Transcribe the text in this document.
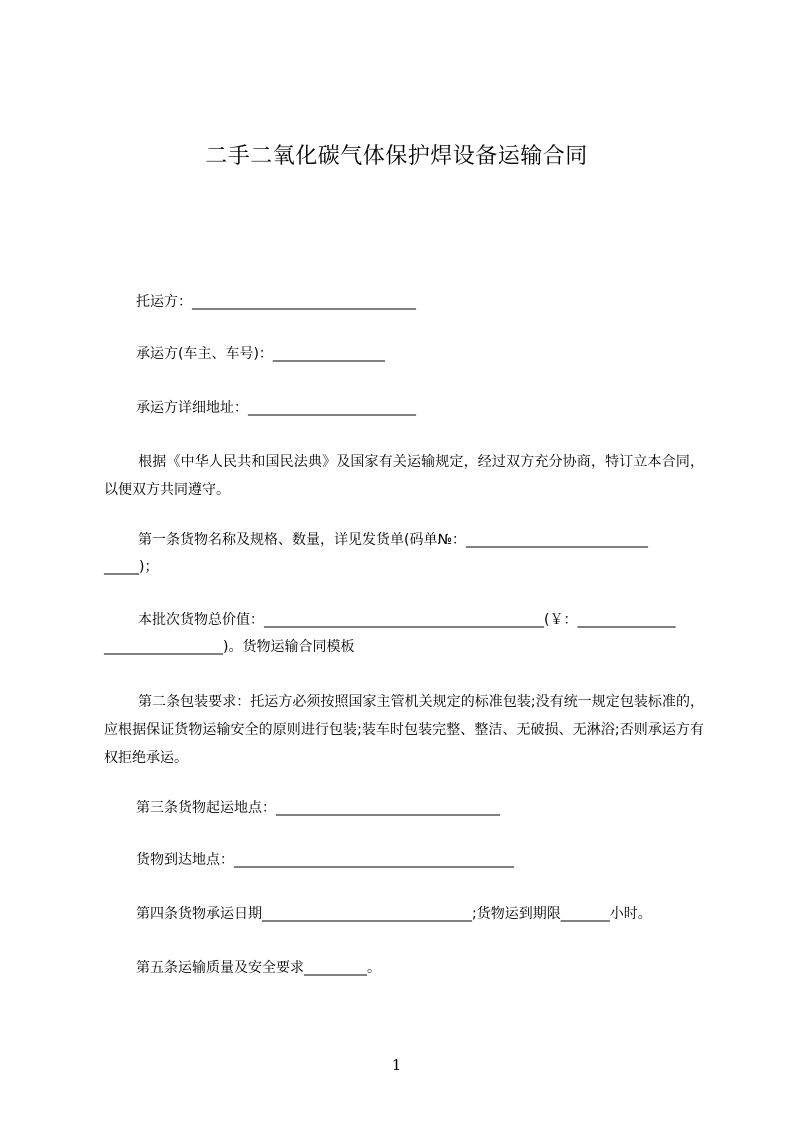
二手二氧化碳气体保护焊设备运输合同
托运方：________________________________
承运方(车主、车号)：________________
承运方详细地址：________________________
根据《中华人民共和国民法典》及国家有关运输规定，经过双方充分协商，特订立本合同，以便双方共同遵守。
第一条货物名称及规格、数量，详见发货单(码单№：__________________________
_____)；
本批次货物总价值：________________________________________(￥：______________
_________________)。货物运输合同模板
第二条包装要求：托运方必须按照国家主管机关规定的标准包装;没有统一规定包装标准的，应根据保证货物运输安全的原则进行包装;装车时包装完整、整洁、无破损、无淋浴;否则承运方有权拒绝承运。
第三条货物起运地点：________________________________
货物到达地点：________________________________________
第四条货物承运日期______________________________;货物运到期限_______小时。
第五条运输质量及安全要求_________。
1
